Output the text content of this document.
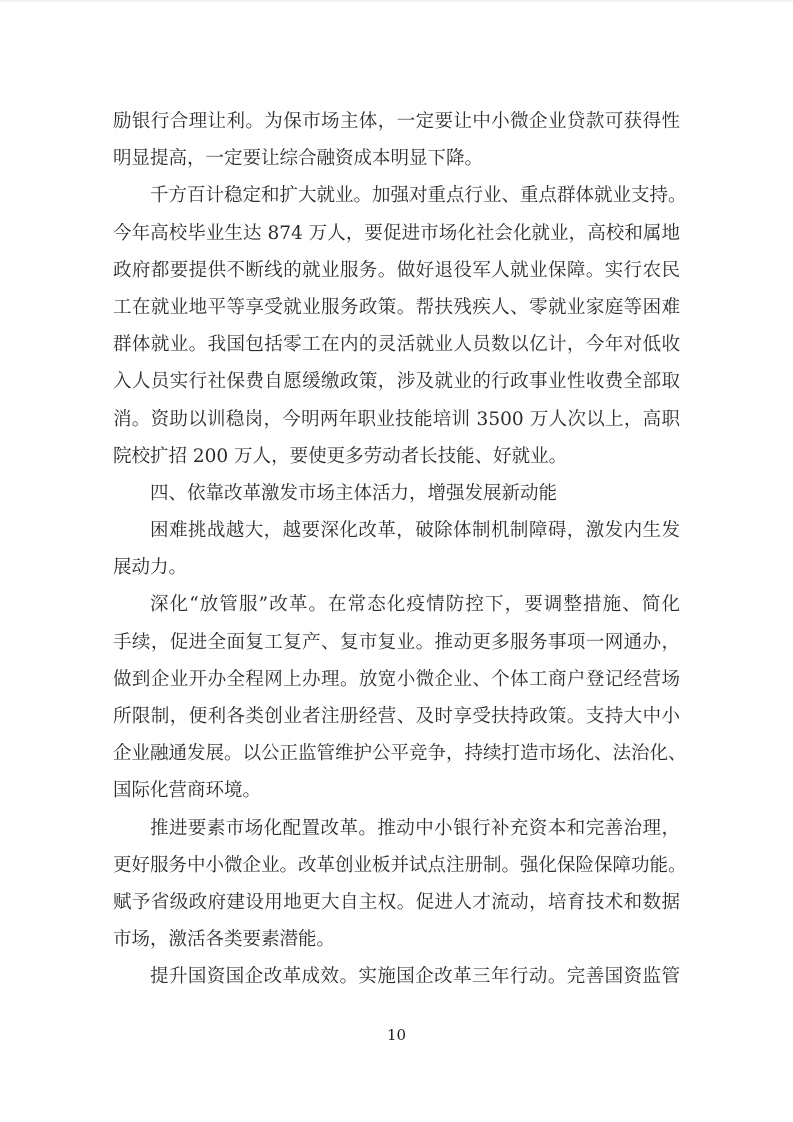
励银行合理让利。为保市场主体，一定要让中小微企业贷款可获得性
明显提高，一定要让综合融资成本明显下降。
千方百计稳定和扩大就业。加强对重点行业、重点群体就业支持。
今年高校毕业生达 874 万人，要促进市场化社会化就业，高校和属地
政府都要提供不断线的就业服务。做好退役军人就业保障。实行农民
工在就业地平等享受就业服务政策。帮扶残疾人、零就业家庭等困难
群体就业。我国包括零工在内的灵活就业人员数以亿计，今年对低收
入人员实行社保费自愿缓缴政策，涉及就业的行政事业性收费全部取
消。资助以训稳岗，今明两年职业技能培训 3500 万人次以上，高职
院校扩招 200 万人，要使更多劳动者长技能、好就业。
四、依靠改革激发市场主体活力，增强发展新动能
困难挑战越大，越要深化改革，破除体制机制障碍，激发内生发
展动力。
深化“放管服”改革。在常态化疫情防控下，要调整措施、简化
手续，促进全面复工复产、复市复业。推动更多服务事项一网通办，
做到企业开办全程网上办理。放宽小微企业、个体工商户登记经营场
所限制，便利各类创业者注册经营、及时享受扶持政策。支持大中小
企业融通发展。以公正监管维护公平竞争，持续打造市场化、法治化、
国际化营商环境。
推进要素市场化配置改革。推动中小银行补充资本和完善治理，
更好服务中小微企业。改革创业板并试点注册制。强化保险保障功能。
赋予省级政府建设用地更大自主权。促进人才流动，培育技术和数据
市场，激活各类要素潜能。
提升国资国企改革成效。实施国企改革三年行动。完善国资监管
10
